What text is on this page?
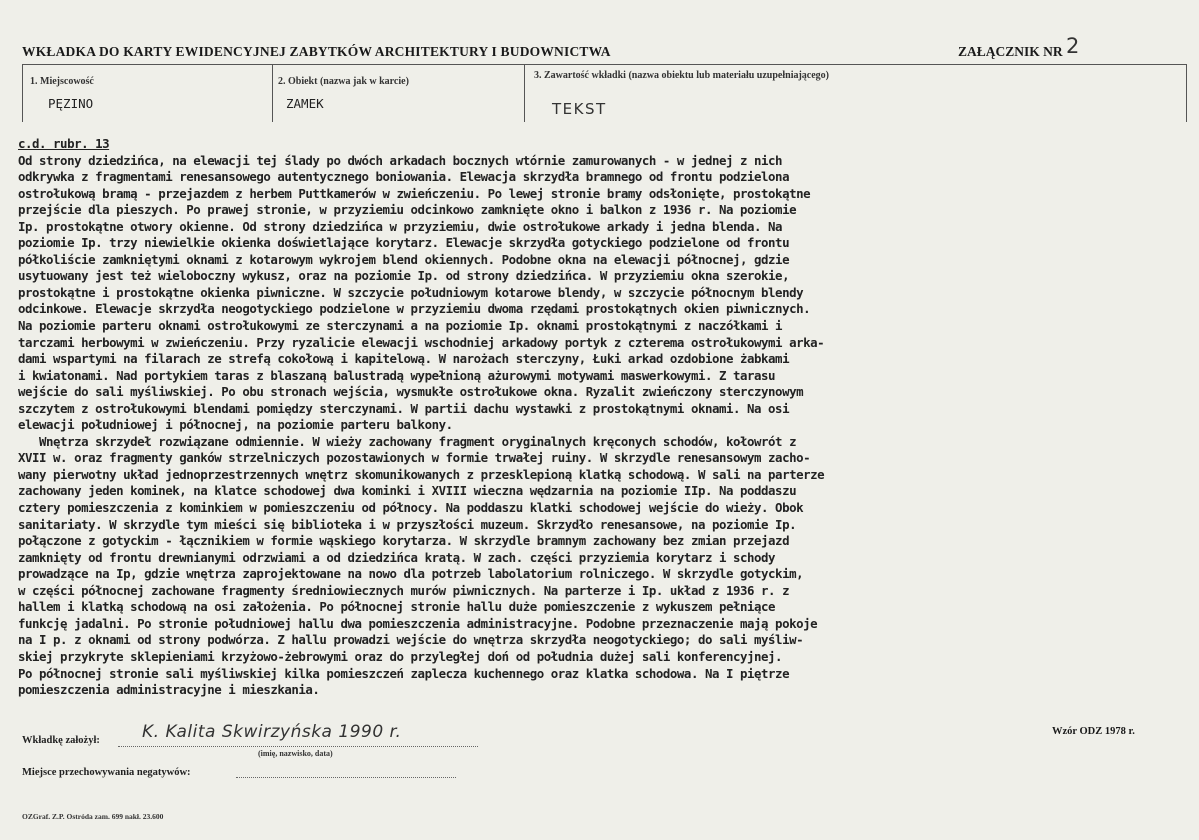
WKŁADKA DO KARTY EWIDENCYJNEJ ZABYTKÓW ARCHITEKTURY I BUDOWNICTWA	ZAŁĄCZNIK NR 2
1. Miejscowość
PĘZINO
2. Obiekt (nazwa jak w karcie)
ZAMEK
3. Zawartość wkładki (nazwa obiektu lub materiału uzupełniającego)
TEKST
c.d. rubr. 13
Od strony dziedzińca, na elewacji tej ślady po dwóch arkadach bocznych wtórnie zamurowanych - w jednej z nich
odkrywka z fragmentami renesansowego autentycznego boniowania. Elewacja skrzydła bramnego od frontu podzielona
ostrołukową bramą - przejazdem z herbem Puttkamerów w zwieńczeniu. Po lewej stronie bramy odsłonięte, prostokątne
przejście dla pieszych. Po prawej stronie, w przyziemiu odcinkowo zamknięte okno i balkon z 1936 r. Na poziomie
Ip. prostokątne otwory okienne. Od strony dziedzińca w przyziemiu, dwie ostrołukowe arkady i jedna blenda. Na
poziomie Ip. trzy niewielkie okienka doświetlające korytarz. Elewacje skrzydła gotyckiego podzielone od frontu
półkoliście zamkniętymi oknami z kotarowym wykrojem blend okiennych. Podobne okna na elewacji północnej, gdzie
usytuowany jest też wieloboczny wykusz, oraz na poziomie Ip. od strony dziedzińca. W przyziemiu okna szerokie,
prostokątne i prostokątne okienka piwniczne. W szczycie południowym kotarowe blendy, w szczycie północnym blendy
odcinkowe. Elewacje skrzydła neogotyckiego podzielone w przyziemiu dwoma rzędami prostokątnych okien piwnicznych.
Na poziomie parteru oknami ostrołukowymi ze sterczynami a na poziomie Ip. oknami prostokątnymi z naczółkami i
tarczami herbowymi w zwieńczeniu. Przy ryzalicie elewacji wschodniej arkadowy portyk z czterema ostrołukowymi arka-
dami wspartymi na filarach ze strefą cokołową i kapitelową. W narożach sterczyny, Łuki arkad ozdobione żabkami
i kwiatonami. Nad portykiem taras z blaszaną balustradą wypełnioną ażurowymi motywami maswerkowymi. Z tarasu
wejście do sali myśliwskiej. Po obu stronach wejścia, wysmukłe ostrołukowe okna. Ryzalit zwieńczony sterczynowym
szczytem z ostrołukowymi blendami pomiędzy sterczynami. W partii dachu wystawki z prostokątnymi oknami. Na osi
elewacji południowej i północnej, na poziomie parteru balkony.
Wnętrza skrzydeł rozwiązane odmiennie. W wieży zachowany fragment oryginalnych kręconych schodów, kołowrót z
XVII w. oraz fragmenty ganków strzelniczych pozostawionych w formie trwałej ruiny. W skrzydle renesansowym zacho-
wany pierwotny układ jednoprzestrzennych wnętrz skomunikowanych z przesklepioną klatką schodową. W sali na parterze
zachowany jeden kominek, na klatce schodowej dwa kominki i XVIII wieczna wędzarnia na poziomie IIp. Na poddaszu
cztery pomieszczenia z kominkiem w pomieszczeniu od północy. Na poddaszu klatki schodowej wejście do wieży. Obok
sanitariaty. W skrzydle tym mieści się biblioteka i w przyszłości muzeum. Skrzydło renesansowe, na poziomie Ip.
połączone z gotyckim - łącznikiem w formie wąskiego korytarza. W skrzydle bramnym zachowany bez zmian przejazd
zamknięty od frontu drewnianymi odrzwiami a od dziedzińca kratą. W zach. części przyziemia korytarz i schody
prowadzące na Ip, gdzie wnętrza zaprojektowane na nowo dla potrzeb labolatorium rolniczego. W skrzydle gotyckim,
w części północnej zachowane fragmenty średniowiecznych murów piwnicznych. Na parterze i Ip. układ z 1936 r. z
hallem i klatką schodową na osi założenia. Po północnej stronie hallu duże pomieszczenie z wykuszem pełniące
funkcję jadalni. Po stronie południowej hallu dwa pomieszczenia administracyjne. Podobne przeznaczenie mają pokoje
na I p. z oknami od strony podwórza. Z hallu prowadzi wejście do wnętrza skrzydła neogotyckiego; do sali myśliw-
skiej przykryte sklepieniami krzyżowo-żebrowymi oraz do przyległej doń od południa dużej sali konferencyjnej.
Po północnej stronie sali myśliwskiej kilka pomieszczeń zaplecza kuchennego oraz klatka schodowa. Na I piętrze
pomieszczenia administracyjne i mieszkania.
Wkładkę założył: K. Kalita Skwirzyńska 1990 r.
(imię, nazwisko, data)
Miejsce przechowywania negatywów:
Wzór ODZ 1978 r.
OZGraf. Z.P. Ostróda zam. 699 nakł. 23.600
